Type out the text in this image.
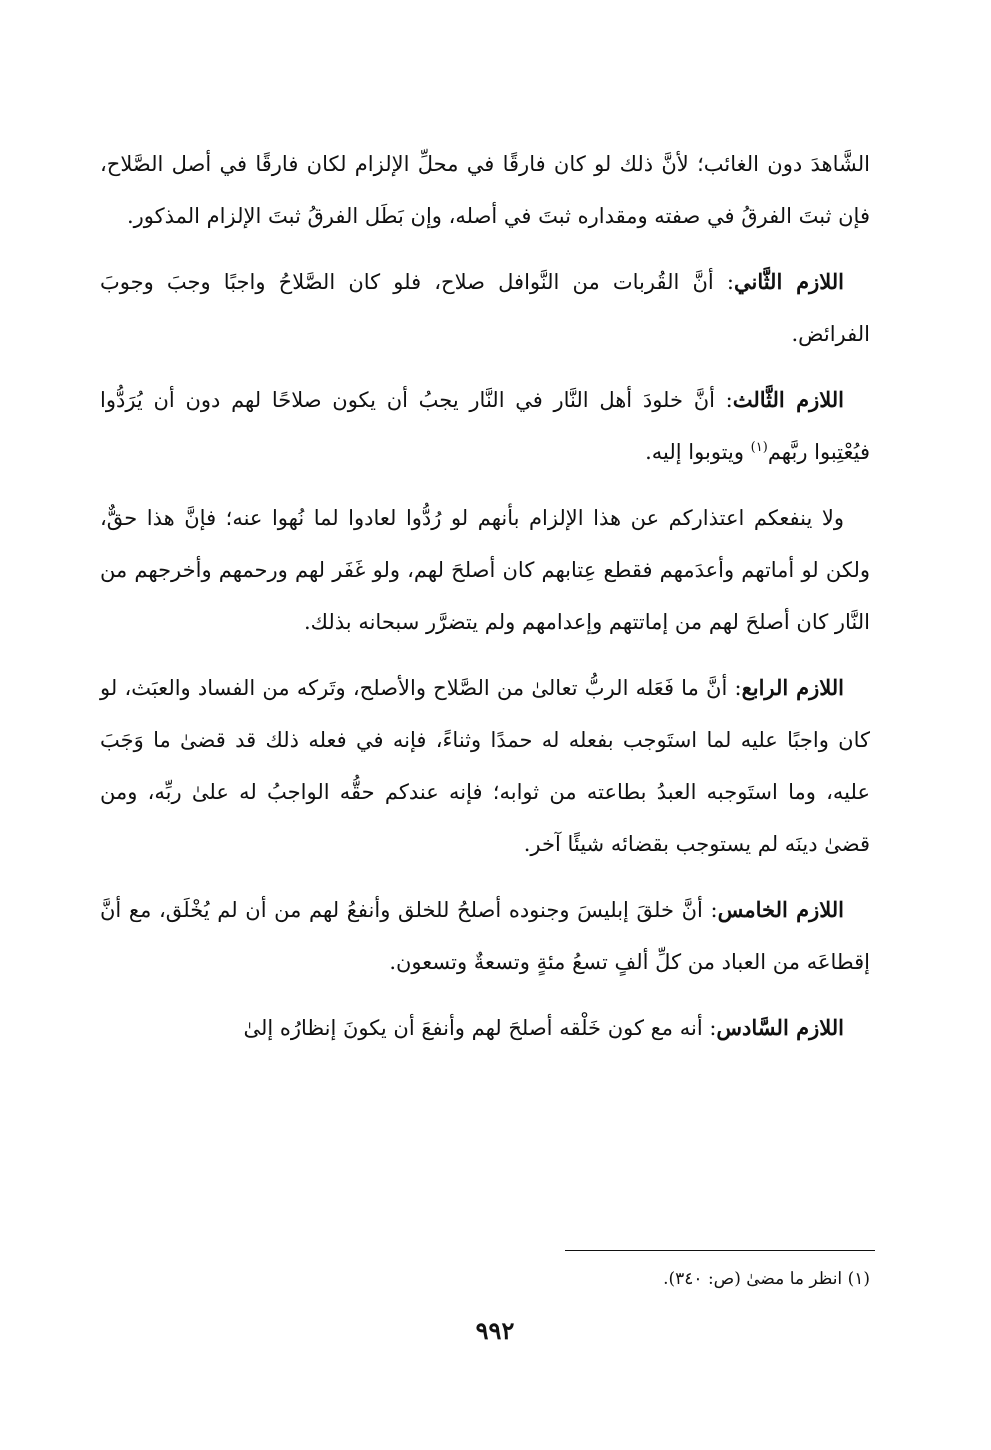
الشَّاهدَ دون الغائب؛ لأنَّ ذلك لو كان فارقًا في محلِّ الإلزام لكان فارقًا في أصل الصَّلاح، فإن ثبتَ الفرقُ في صفته ومقداره ثبتَ في أصله، وإن بَطَل الفرقُ ثبتَ الإلزام المذكور.

اللازم الثَّاني: أنَّ القُربات من النَّوافل صلاح، فلو كان الصَّلاحُ واجبًا وجبَ وجوبَ الفرائض.

اللازم الثَّالث: أنَّ خلودَ أهل النَّار في النَّار يجبُ أن يكون صلاحًا لهم دون أن يُرَدُّوا فيُعْتِبوا ربَّهم$^{(١)}$ ويتوبوا إليه.

ولا ينفعكم اعتذاركم عن هذا الإلزام بأنهم لو رُدُّوا لعادوا لما نُهوا عنه؛ فإنَّ هذا حقٌّ، ولكن لو أماتهم وأعدَمهم فقطع عِتابهم كان أصلحَ لهم، ولو غَفَر لهم ورحمهم وأخرجهم من النَّار كان أصلحَ لهم من إماتتهم وإعدامهم ولم يتضرَّر سبحانه بذلك.

اللازم الرابع: أنَّ ما فَعَله الربُّ تعالىٰ من الصَّلاح والأصلح، وتَركه من الفساد والعبَث، لو كان واجبًا عليه لما استَوجب بفعله له حمدًا وثناءً، فإنه في فعله ذلك قد قضىٰ ما وَجَبَ عليه، وما استَوجبه العبدُ بطاعته من ثوابه؛ فإنه عندكم حقُّه الواجبُ له علىٰ ربِّه، ومن قضىٰ دينَه لم يستوجب بقضائه شيئًا آخر.

اللازم الخامس: أنَّ خلقَ إبليسَ وجنوده أصلحُ للخلق وأنفعُ لهم من أن لم يُخْلَق، مع أنَّ إقطاعَه من العباد من كلِّ ألفٍ تسعُ مئةٍ وتسعةٌ وتسعون.

اللازم السَّادس: أنه مع كون خَلْقه أصلحَ لهم وأنفعَ أن يكونَ إنظارُه إلىٰ

(١) انظر ما مضىٰ (ص: ٣٤٠).
٩٩٢
